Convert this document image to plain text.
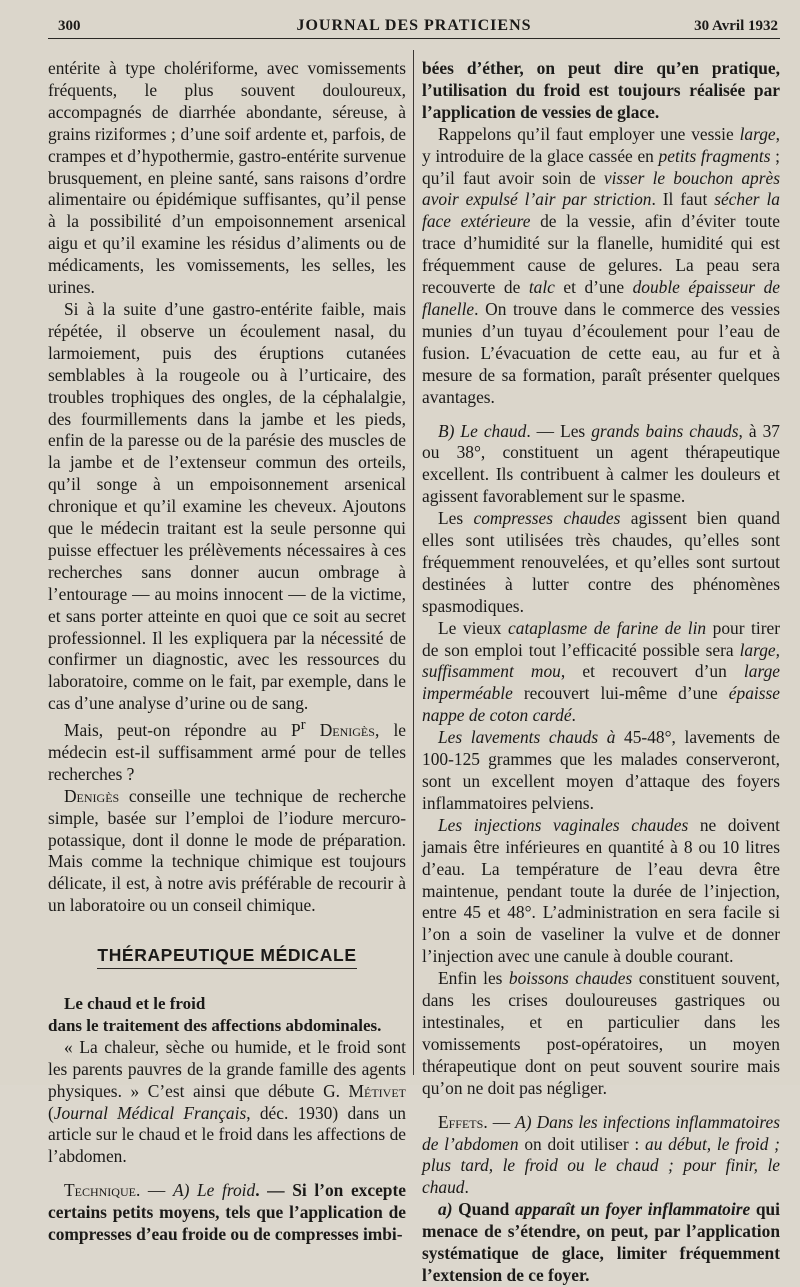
300	JOURNAL DES PRATICIENS	30 Avril 1932

entérite à type cholériforme, avec vomissements fréquents, le plus souvent douloureux, accompagnés de diarrhée abondante, séreuse, à grains riziformes ; d’une soif ardente et, parfois, de crampes et d’hypothermie, gastro-entérite survenue brusquement, en pleine santé, sans raisons d’ordre alimentaire ou épidémique suffisantes, qu’il pense à la possibilité d’un empoisonnement arsenical aigu et qu’il examine les résidus d’aliments ou de médicaments, les vomissements, les selles, les urines.

Si à la suite d’une gastro-entérite faible, mais répétée, il observe un écoulement nasal, du larmoiement, puis des éruptions cutanées semblables à la rougeole ou à l’urticaire, des troubles trophiques des ongles, de la céphalalgie, des fourmillements dans la jambe et les pieds, enfin de la paresse ou de la parésie des muscles de la jambe et de l’extenseur commun des orteils, qu’il songe à un empoisonnement arsenical chronique et qu’il examine les cheveux. Ajoutons que le médecin traitant est la seule personne qui puisse effectuer les prélèvements nécessaires à ces recherches sans donner aucun ombrage à l’entourage — au moins innocent — de la victime, et sans porter atteinte en quoi que ce soit au secret professionnel. Il les expliquera par la nécessité de confirmer un diagnostic, avec les ressources du laboratoire, comme on le fait, par exemple, dans le cas d’une analyse d’urine ou de sang.

Mais, peut-on répondre au $P^r$ Denigès, le médecin est-il suffisamment armé pour de telles recherches ?

Denigès conseille une technique de recherche simple, basée sur l’emploi de l’iodure mercuro-potassique, dont il donne le mode de préparation. Mais comme la technique chimique est toujours délicate, il est, à notre avis préférable de recourir à un laboratoire ou un conseil chimique.

THÉRAPEUTIQUE MÉDICALE

Le chaud et le froid
dans le traitement des affections abdominales.

« La chaleur, sèche ou humide, et le froid sont les parents pauvres de la grande famille des agents physiques. » C’est ainsi que débute G. Métivet (Journal Médical Français, déc. 1930) dans un article sur le chaud et le froid dans les affections de l’abdomen.

Technique. — A) Le froid. — Si l’on excepte certains petits moyens, tels que l’application de compresses d’eau froide ou de compresses imbi-

bées d’éther, on peut dire qu’en pratique, l’utilisation du froid est toujours réalisée par l’application de vessies de glace.

Rappelons qu’il faut employer une vessie large, y introduire de la glace cassée en petits fragments ; qu’il faut avoir soin de visser le bouchon après avoir expulsé l’air par striction. Il faut sécher la face extérieure de la vessie, afin d’éviter toute trace d’humidité sur la flanelle, humidité qui est fréquemment cause de gelures. La peau sera recouverte de talc et d’une double épaisseur de flanelle. On trouve dans le commerce des vessies munies d’un tuyau d’écoulement pour l’eau de fusion. L’évacuation de cette eau, au fur et à mesure de sa formation, paraît présenter quelques avantages.

B) Le chaud. — Les grands bains chauds, à 37 ou 38°, constituent un agent thérapeutique excellent. Ils contribuent à calmer les douleurs et agissent favorablement sur le spasme.

Les compresses chaudes agissent bien quand elles sont utilisées très chaudes, qu’elles sont fréquemment renouvelées, et qu’elles sont surtout destinées à lutter contre des phénomènes spasmodiques.

Le vieux cataplasme de farine de lin pour tirer de son emploi tout l’efficacité possible sera large, suffisamment mou, et recouvert d’un large imperméable recouvert lui-même d’une épaisse nappe de coton cardé.

Les lavements chauds à 45-48°, lavements de 100-125 grammes que les malades conserveront, sont un excellent moyen d’attaque des foyers inflammatoires pelviens.

Les injections vaginales chaudes ne doivent jamais être inférieures en quantité à 8 ou 10 litres d’eau. La température de l’eau devra être maintenue, pendant toute la durée de l’injection, entre 45 et 48°. L’administration en sera facile si l’on a soin de vaseliner la vulve et de donner l’injection avec une canule à double courant.

Enfin les boissons chaudes constituent souvent, dans les crises douloureuses gastriques ou intestinales, et en particulier dans les vomissements post-opératoires, un moyen thérapeutique dont on peut souvent sourire mais qu’on ne doit pas négliger.

Effets. — A) Dans les infections inflammatoires de l’abdomen on doit utiliser : au début, le froid ; plus tard, le froid ou le chaud ; pour finir, le chaud.

a) Quand apparaît un foyer inflammatoire qui menace de s’étendre, on peut, par l’application systématique de glace, limiter fréquemment l’extension de ce foyer.
